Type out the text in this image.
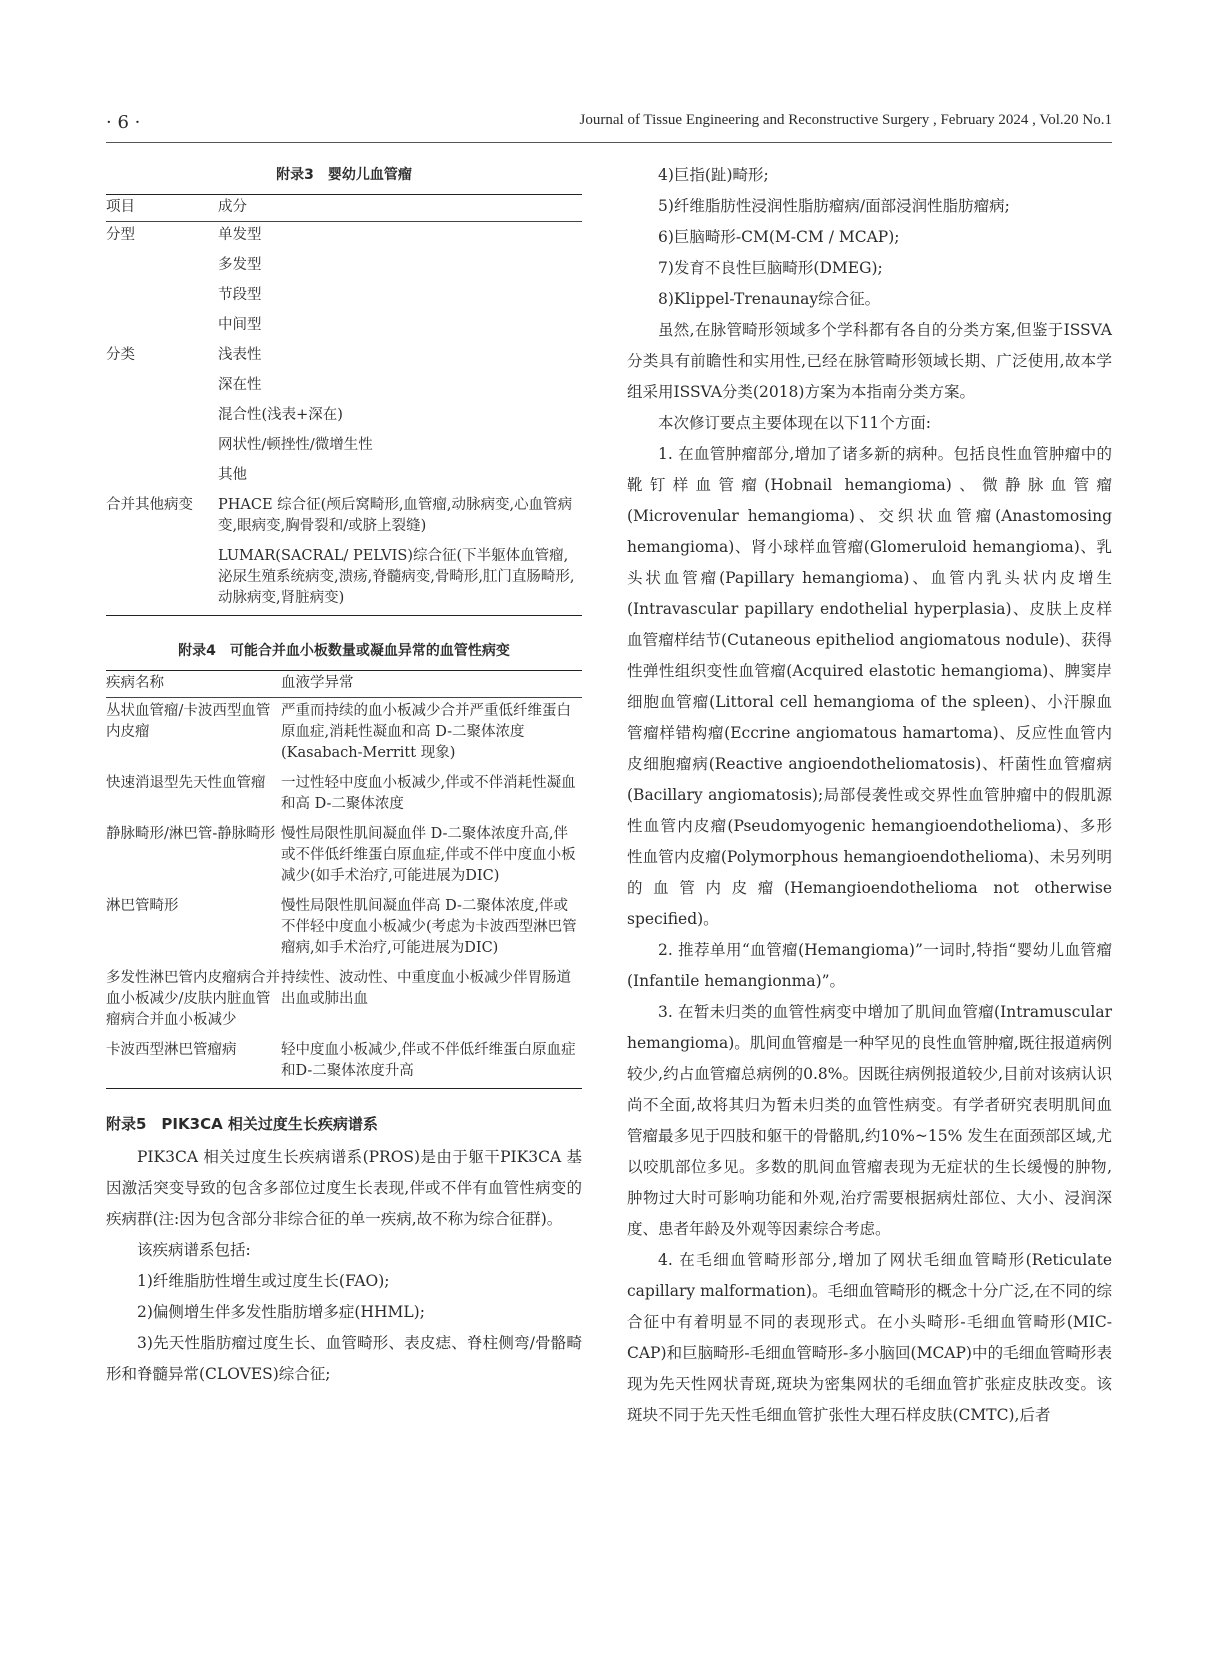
· 6 ·	Journal of Tissue Engineering and Reconstructive Surgery , February 2024 , Vol.20 No.1
附录3　婴幼儿血管瘤
项目	成分
分型	单发型
	多发型
	节段型
	中间型
分类	浅表性
	深在性
	混合性(浅表+深在)
	网状性/顿挫性/微增生性
	其他
合并其他病变	PHACE 综合征(颅后窝畸形,血管瘤,动脉病变,心血管病变,眼病变,胸骨裂和/或脐上裂缝)
	LUMAR(SACRAL/ PELVIS)综合征(下半躯体血管瘤,泌尿生殖系统病变,溃疡,脊髓病变,骨畸形,肛门直肠畸形,动脉病变,肾脏病变)
附录4　可能合并血小板数量或凝血异常的血管性病变
疾病名称	血液学异常
丛状血管瘤/卡波西型血管内皮瘤	严重而持续的血小板减少合并严重低纤维蛋白原血症,消耗性凝血和高 D-二聚体浓度(Kasabach-Merritt 现象)
快速消退型先天性血管瘤	一过性轻中度血小板减少,伴或不伴消耗性凝血和高 D-二聚体浓度
静脉畸形/淋巴管-静脉畸形	慢性局限性肌间凝血伴 D-二聚体浓度升高,伴或不伴低纤维蛋白原血症,伴或不伴中度血小板减少(如手术治疗,可能进展为DIC)
淋巴管畸形	慢性局限性肌间凝血伴高 D-二聚体浓度,伴或不伴轻中度血小板减少(考虑为卡波西型淋巴管瘤病,如手术治疗,可能进展为DIC)
多发性淋巴管内皮瘤病合并血小板减少/皮肤内脏血管瘤病合并血小板减少	持续性、波动性、中重度血小板减少伴胃肠道出血或肺出血
卡波西型淋巴管瘤病	轻中度血小板减少,伴或不伴低纤维蛋白原血症和D-二聚体浓度升高
附录5　PIK3CA 相关过度生长疾病谱系

PIK3CA 相关过度生长疾病谱系(PROS)是由于躯干PIK3CA 基因激活突变导致的包含多部位过度生长表现,伴或不伴有血管性病变的疾病群(注:因为包含部分非综合征的单一疾病,故不称为综合征群)。

该疾病谱系包括:

1)纤维脂肪性增生或过度生长(FAO);

2)偏侧增生伴多发性脂肪增多症(HHML);

3)先天性脂肪瘤过度生长、血管畸形、表皮痣、脊柱侧弯/骨骼畸形和脊髓异常(CLOVES)综合征;

4)巨指(趾)畸形;

5)纤维脂肪性浸润性脂肪瘤病/面部浸润性脂肪瘤病;

6)巨脑畸形-CM(M-CM / MCAP);

7)发育不良性巨脑畸形(DMEG);

8)Klippel-Trenaunay综合征。

虽然,在脉管畸形领域多个学科都有各自的分类方案,但鉴于ISSVA分类具有前瞻性和实用性,已经在脉管畸形领域长期、广泛使用,故本学组采用ISSVA分类(2018)方案为本指南分类方案。

本次修订要点主要体现在以下11个方面:

1. 在血管肿瘤部分,增加了诸多新的病种。包括良性血管肿瘤中的靴钉样血管瘤(Hobnail hemangioma)、微静脉血管瘤(Microvenular hemangioma)、交织状血管瘤(Anastomosing hemangioma)、肾小球样血管瘤(Glomeruloid hemangioma)、乳头状血管瘤(Papillary hemangioma)、血管内乳头状内皮增生(Intravascular papillary endothelial hyperplasia)、皮肤上皮样血管瘤样结节(Cutaneous epitheliod angiomatous nodule)、获得性弹性组织变性血管瘤(Acquired elastotic hemangioma)、脾窦岸细胞血管瘤(Littoral cell hemangioma of the spleen)、小汗腺血管瘤样错构瘤(Eccrine angiomatous hamartoma)、反应性血管内皮细胞瘤病(Reactive angioendotheliomatosis)、杆菌性血管瘤病(Bacillary angiomatosis);局部侵袭性或交界性血管肿瘤中的假肌源性血管内皮瘤(Pseudomyogenic hemangioendothelioma)、多形性血管内皮瘤(Polymorphous hemangioendothelioma)、未另列明的血管内皮瘤(Hemangioendothelioma not otherwise specified)。

2. 推荐单用“血管瘤(Hemangioma)”一词时,特指“婴幼儿血管瘤(Infantile hemangionma)”。

3. 在暂未归类的血管性病变中增加了肌间血管瘤(Intramuscular hemangioma)。肌间血管瘤是一种罕见的良性血管肿瘤,既往报道病例较少,约占血管瘤总病例的0.8%。因既往病例报道较少,目前对该病认识尚不全面,故将其归为暂未归类的血管性病变。有学者研究表明肌间血管瘤最多见于四肢和躯干的骨骼肌,约10%~15% 发生在面颈部区域,尤以咬肌部位多见。多数的肌间血管瘤表现为无症状的生长缓慢的肿物,肿物过大时可影响功能和外观,治疗需要根据病灶部位、大小、浸润深度、患者年龄及外观等因素综合考虑。

4. 在毛细血管畸形部分,增加了网状毛细血管畸形(Reticulate capillary malformation)。毛细血管畸形的概念十分广泛,在不同的综合征中有着明显不同的表现形式。在小头畸形-毛细血管畸形(MIC-CAP)和巨脑畸形-毛细血管畸形-多小脑回(MCAP)中的毛细血管畸形表现为先天性网状青斑,斑块为密集网状的毛细血管扩张症皮肤改变。该斑块不同于先天性毛细血管扩张性大理石样皮肤(CMTC),后者
